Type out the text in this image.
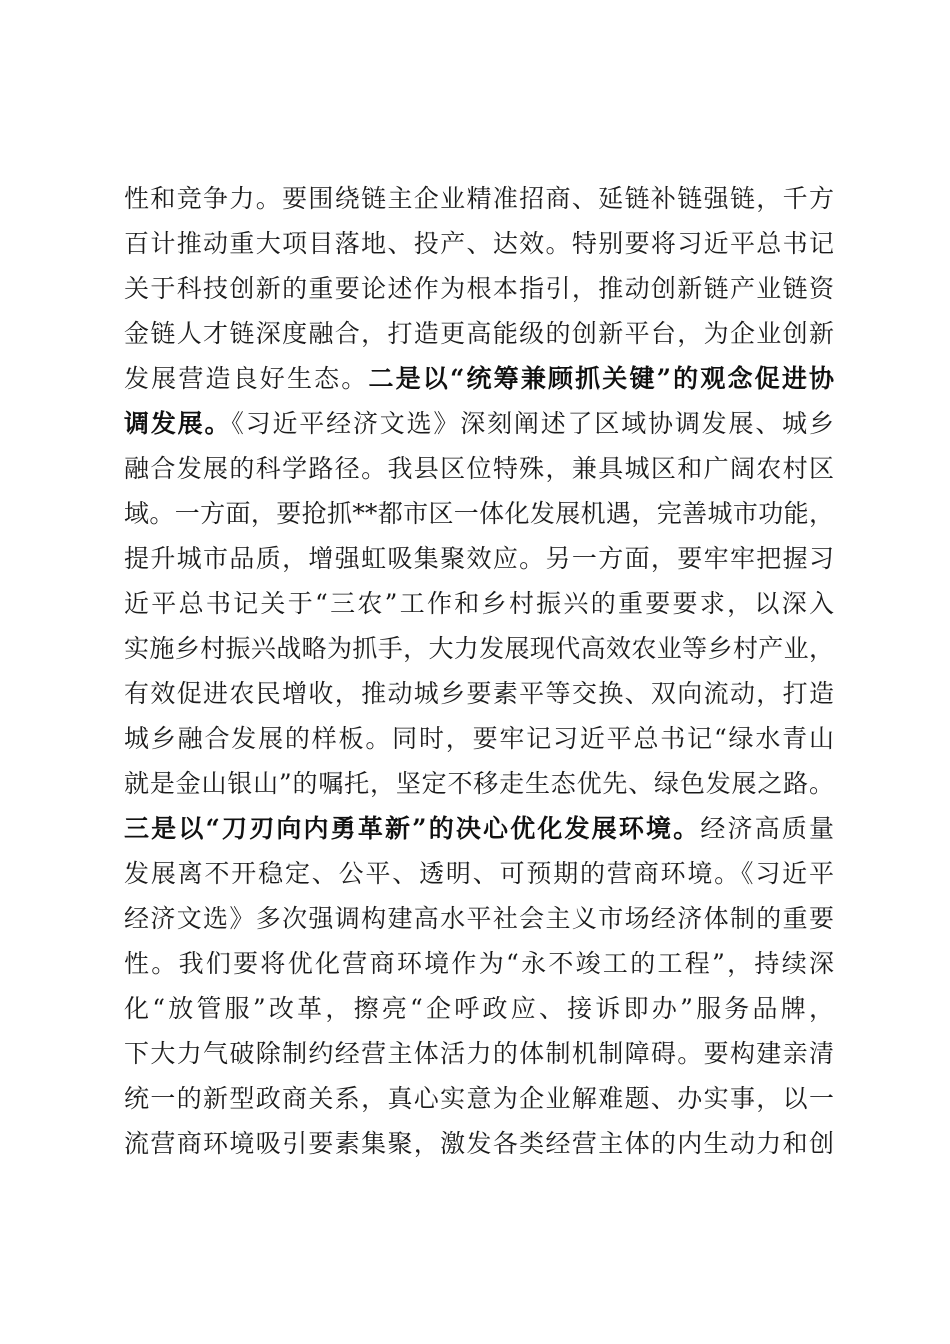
性和竞争力。要围绕链主企业精准招商、延链补链强链，千方
百计推动重大项目落地、投产、达效。特别要将习近平总书记
关于科技创新的重要论述作为根本指引，推动创新链产业链资
金链人才链深度融合，打造更高能级的创新平台，为企业创新
发展营造良好生态。二是以“统筹兼顾抓关键”的观念促进协
调发展。《习近平经济文选》深刻阐述了区域协调发展、城乡
融合发展的科学路径。我县区位特殊，兼具城区和广阔农村区
域。一方面，要抢抓**都市区一体化发展机遇，完善城市功能，
提升城市品质，增强虹吸集聚效应。另一方面，要牢牢把握习
近平总书记关于“三农”工作和乡村振兴的重要要求，以深入
实施乡村振兴战略为抓手，大力发展现代高效农业等乡村产业，
有效促进农民增收，推动城乡要素平等交换、双向流动，打造
城乡融合发展的样板。同时，要牢记习近平总书记“绿水青山
就是金山银山”的嘱托，坚定不移走生态优先、绿色发展之路。
三是以“刀刃向内勇革新”的决心优化发展环境。经济高质量
发展离不开稳定、公平、透明、可预期的营商环境。《习近平
经济文选》多次强调构建高水平社会主义市场经济体制的重要
性。我们要将优化营商环境作为“永不竣工的工程”，持续深
化“放管服”改革，擦亮“企呼政应、接诉即办”服务品牌，
下大力气破除制约经营主体活力的体制机制障碍。要构建亲清
统一的新型政商关系，真心实意为企业解难题、办实事，以一
流营商环境吸引要素集聚，激发各类经营主体的内生动力和创
